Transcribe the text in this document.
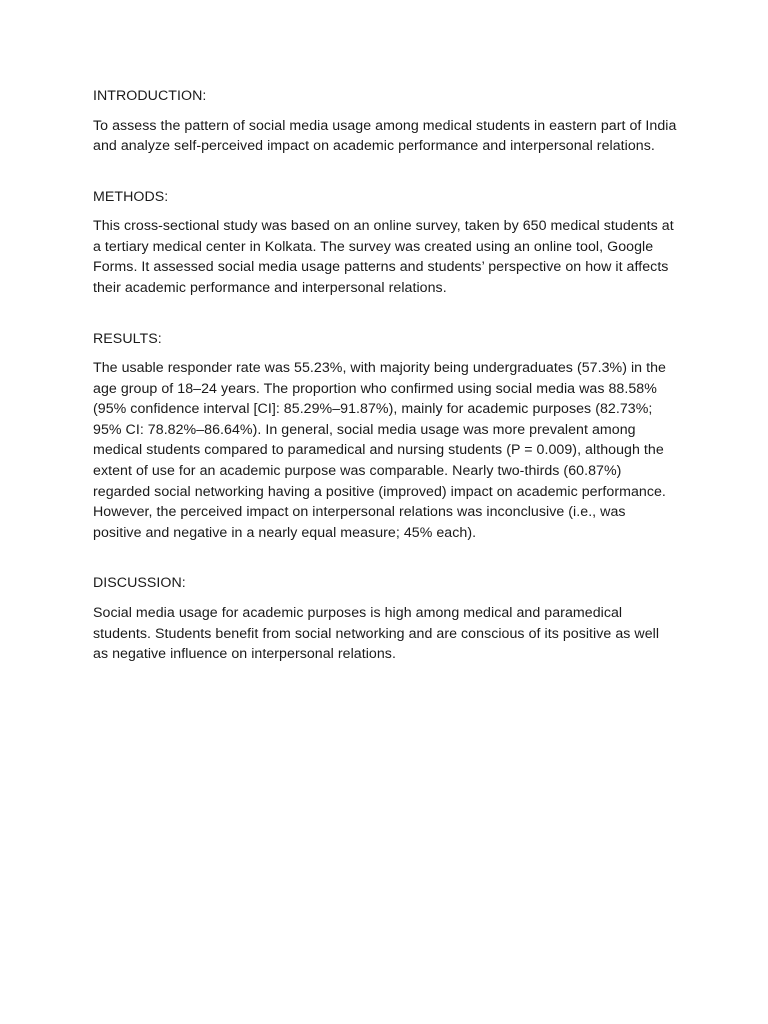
INTRODUCTION:

To assess the pattern of social media usage among medical students in eastern part of India and analyze self-perceived impact on academic performance and interpersonal relations.

METHODS:

This cross-sectional study was based on an online survey, taken by 650 medical students at a tertiary medical center in Kolkata. The survey was created using an online tool, Google Forms. It assessed social media usage patterns and students’ perspective on how it affects their academic performance and interpersonal relations.

RESULTS:

The usable responder rate was 55.23%, with majority being undergraduates (57.3%) in the age group of 18–24 years. The proportion who confirmed using social media was 88.58% (95% confidence interval [CI]: 85.29%–91.87%), mainly for academic purposes (82.73%; 95% CI: 78.82%–86.64%). In general, social media usage was more prevalent among medical students compared to paramedical and nursing students (P = 0.009), although the extent of use for an academic purpose was comparable. Nearly two-thirds (60.87%) regarded social networking having a positive (improved) impact on academic performance. However, the perceived impact on interpersonal relations was inconclusive (i.e., was positive and negative in a nearly equal measure; 45% each).

DISCUSSION:

Social media usage for academic purposes is high among medical and paramedical students. Students benefit from social networking and are conscious of its positive as well as negative influence on interpersonal relations.
